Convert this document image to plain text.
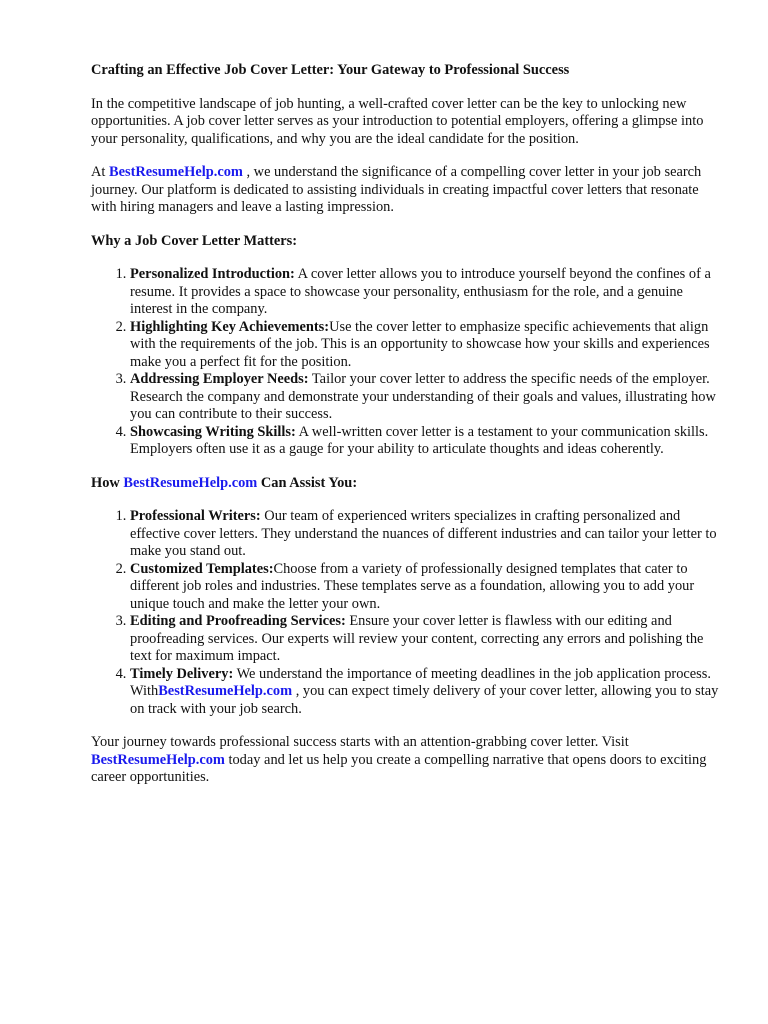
Crafting an Effective Job Cover Letter: Your Gateway to Professional Success

In the competitive landscape of job hunting, a well-crafted cover letter can be the key to unlocking new opportunities. A job cover letter serves as your introduction to potential employers, offering a glimpse into your personality, qualifications, and why you are the ideal candidate for the position.

At BestResumeHelp.com , we understand the significance of a compelling cover letter in your job search journey. Our platform is dedicated to assisting individuals in creating impactful cover letters that resonate with hiring managers and leave a lasting impression.

Why a Job Cover Letter Matters:
1. Personalized Introduction: A cover letter allows you to introduce yourself beyond the confines of a resume. It provides a space to showcase your personality, enthusiasm for the role, and a genuine interest in the company.
2. Highlighting Key Achievements:Use the cover letter to emphasize specific achievements that align with the requirements of the job. This is an opportunity to showcase how your skills and experiences make you a perfect fit for the position.
3. Addressing Employer Needs: Tailor your cover letter to address the specific needs of the employer. Research the company and demonstrate your understanding of their goals and values, illustrating how you can contribute to their success.
4. Showcasing Writing Skills: A well-written cover letter is a testament to your communication skills. Employers often use it as a gauge for your ability to articulate thoughts and ideas coherently.
How BestResumeHelp.com Can Assist You:
1. Professional Writers: Our team of experienced writers specializes in crafting personalized and effective cover letters. They understand the nuances of different industries and can tailor your letter to make you stand out.
2. Customized Templates:Choose from a variety of professionally designed templates that cater to different job roles and industries. These templates serve as a foundation, allowing you to add your unique touch and make the letter your own.
3. Editing and Proofreading Services: Ensure your cover letter is flawless with our editing and proofreading services. Our experts will review your content, correcting any errors and polishing the text for maximum impact.
4. Timely Delivery: We understand the importance of meeting deadlines in the job application process. WithBestResumeHelp.com , you can expect timely delivery of your cover letter, allowing you to stay on track with your job search.

Your journey towards professional success starts with an attention-grabbing cover letter. Visit BestResumeHelp.com today and let us help you create a compelling narrative that opens doors to exciting career opportunities.
